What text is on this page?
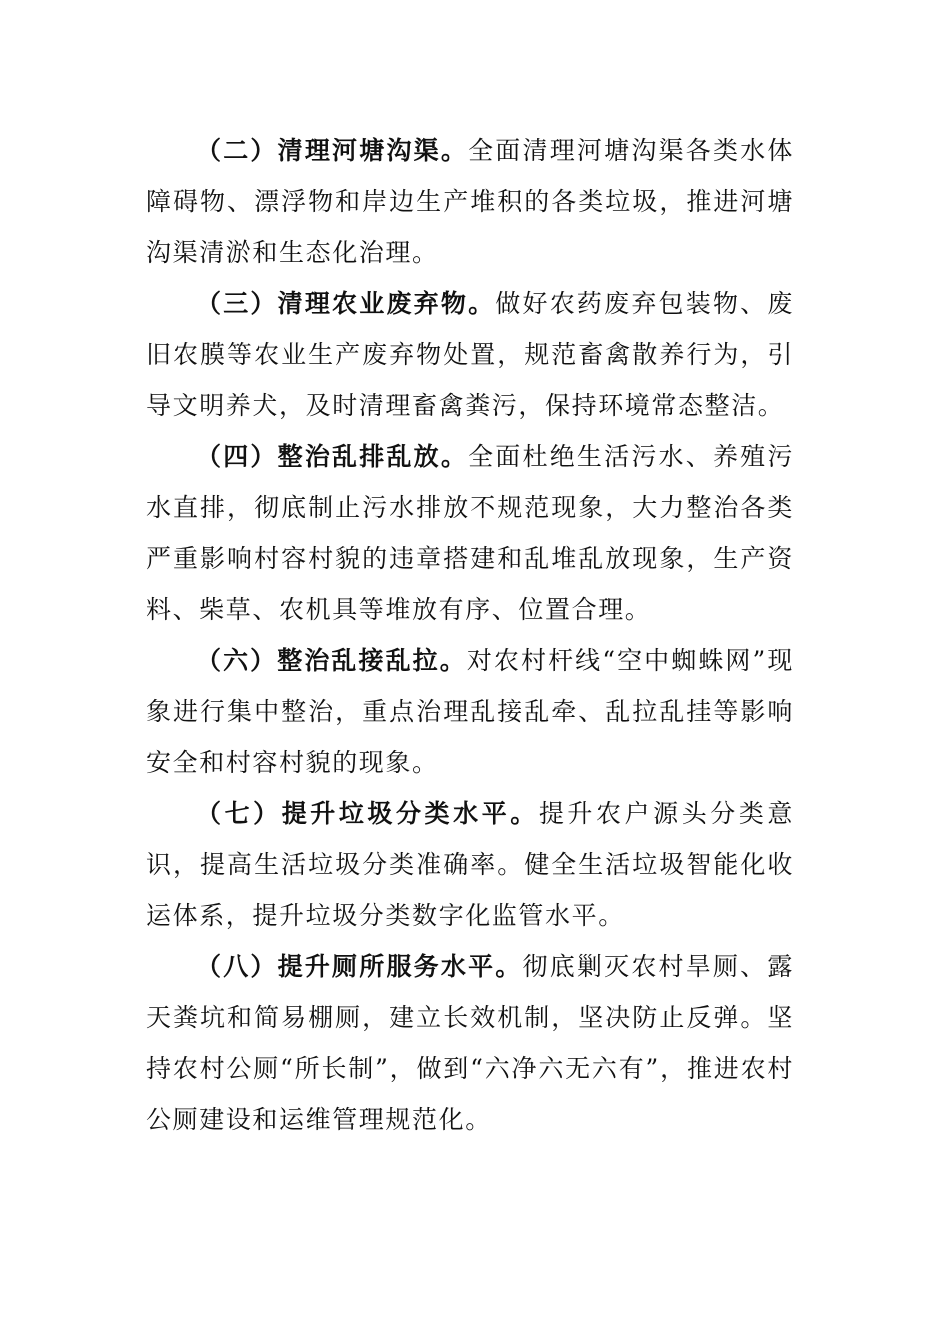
（二）清理河塘沟渠。全面清理河塘沟渠各类水体障碍物、漂浮物和岸边生产堆积的各类垃圾，推进河塘沟渠清淤和生态化治理。

（三）清理农业废弃物。做好农药废弃包装物、废旧农膜等农业生产废弃物处置，规范畜禽散养行为，引导文明养犬，及时清理畜禽粪污，保持环境常态整洁。

（四）整治乱排乱放。全面杜绝生活污水、养殖污水直排，彻底制止污水排放不规范现象，大力整治各类严重影响村容村貌的违章搭建和乱堆乱放现象，生产资料、柴草、农机具等堆放有序、位置合理。

（六）整治乱接乱拉。对农村杆线“空中蜘蛛网”现象进行集中整治，重点治理乱接乱牵、乱拉乱挂等影响安全和村容村貌的现象。

（七）提升垃圾分类水平。提升农户源头分类意识，提高生活垃圾分类准确率。健全生活垃圾智能化收运体系，提升垃圾分类数字化监管水平。

（八）提升厕所服务水平。彻底剿灭农村旱厕、露天粪坑和简易棚厕，建立长效机制，坚决防止反弹。坚持农村公厕“所长制”，做到“六净六无六有”，推进农村公厕建设和运维管理规范化。
